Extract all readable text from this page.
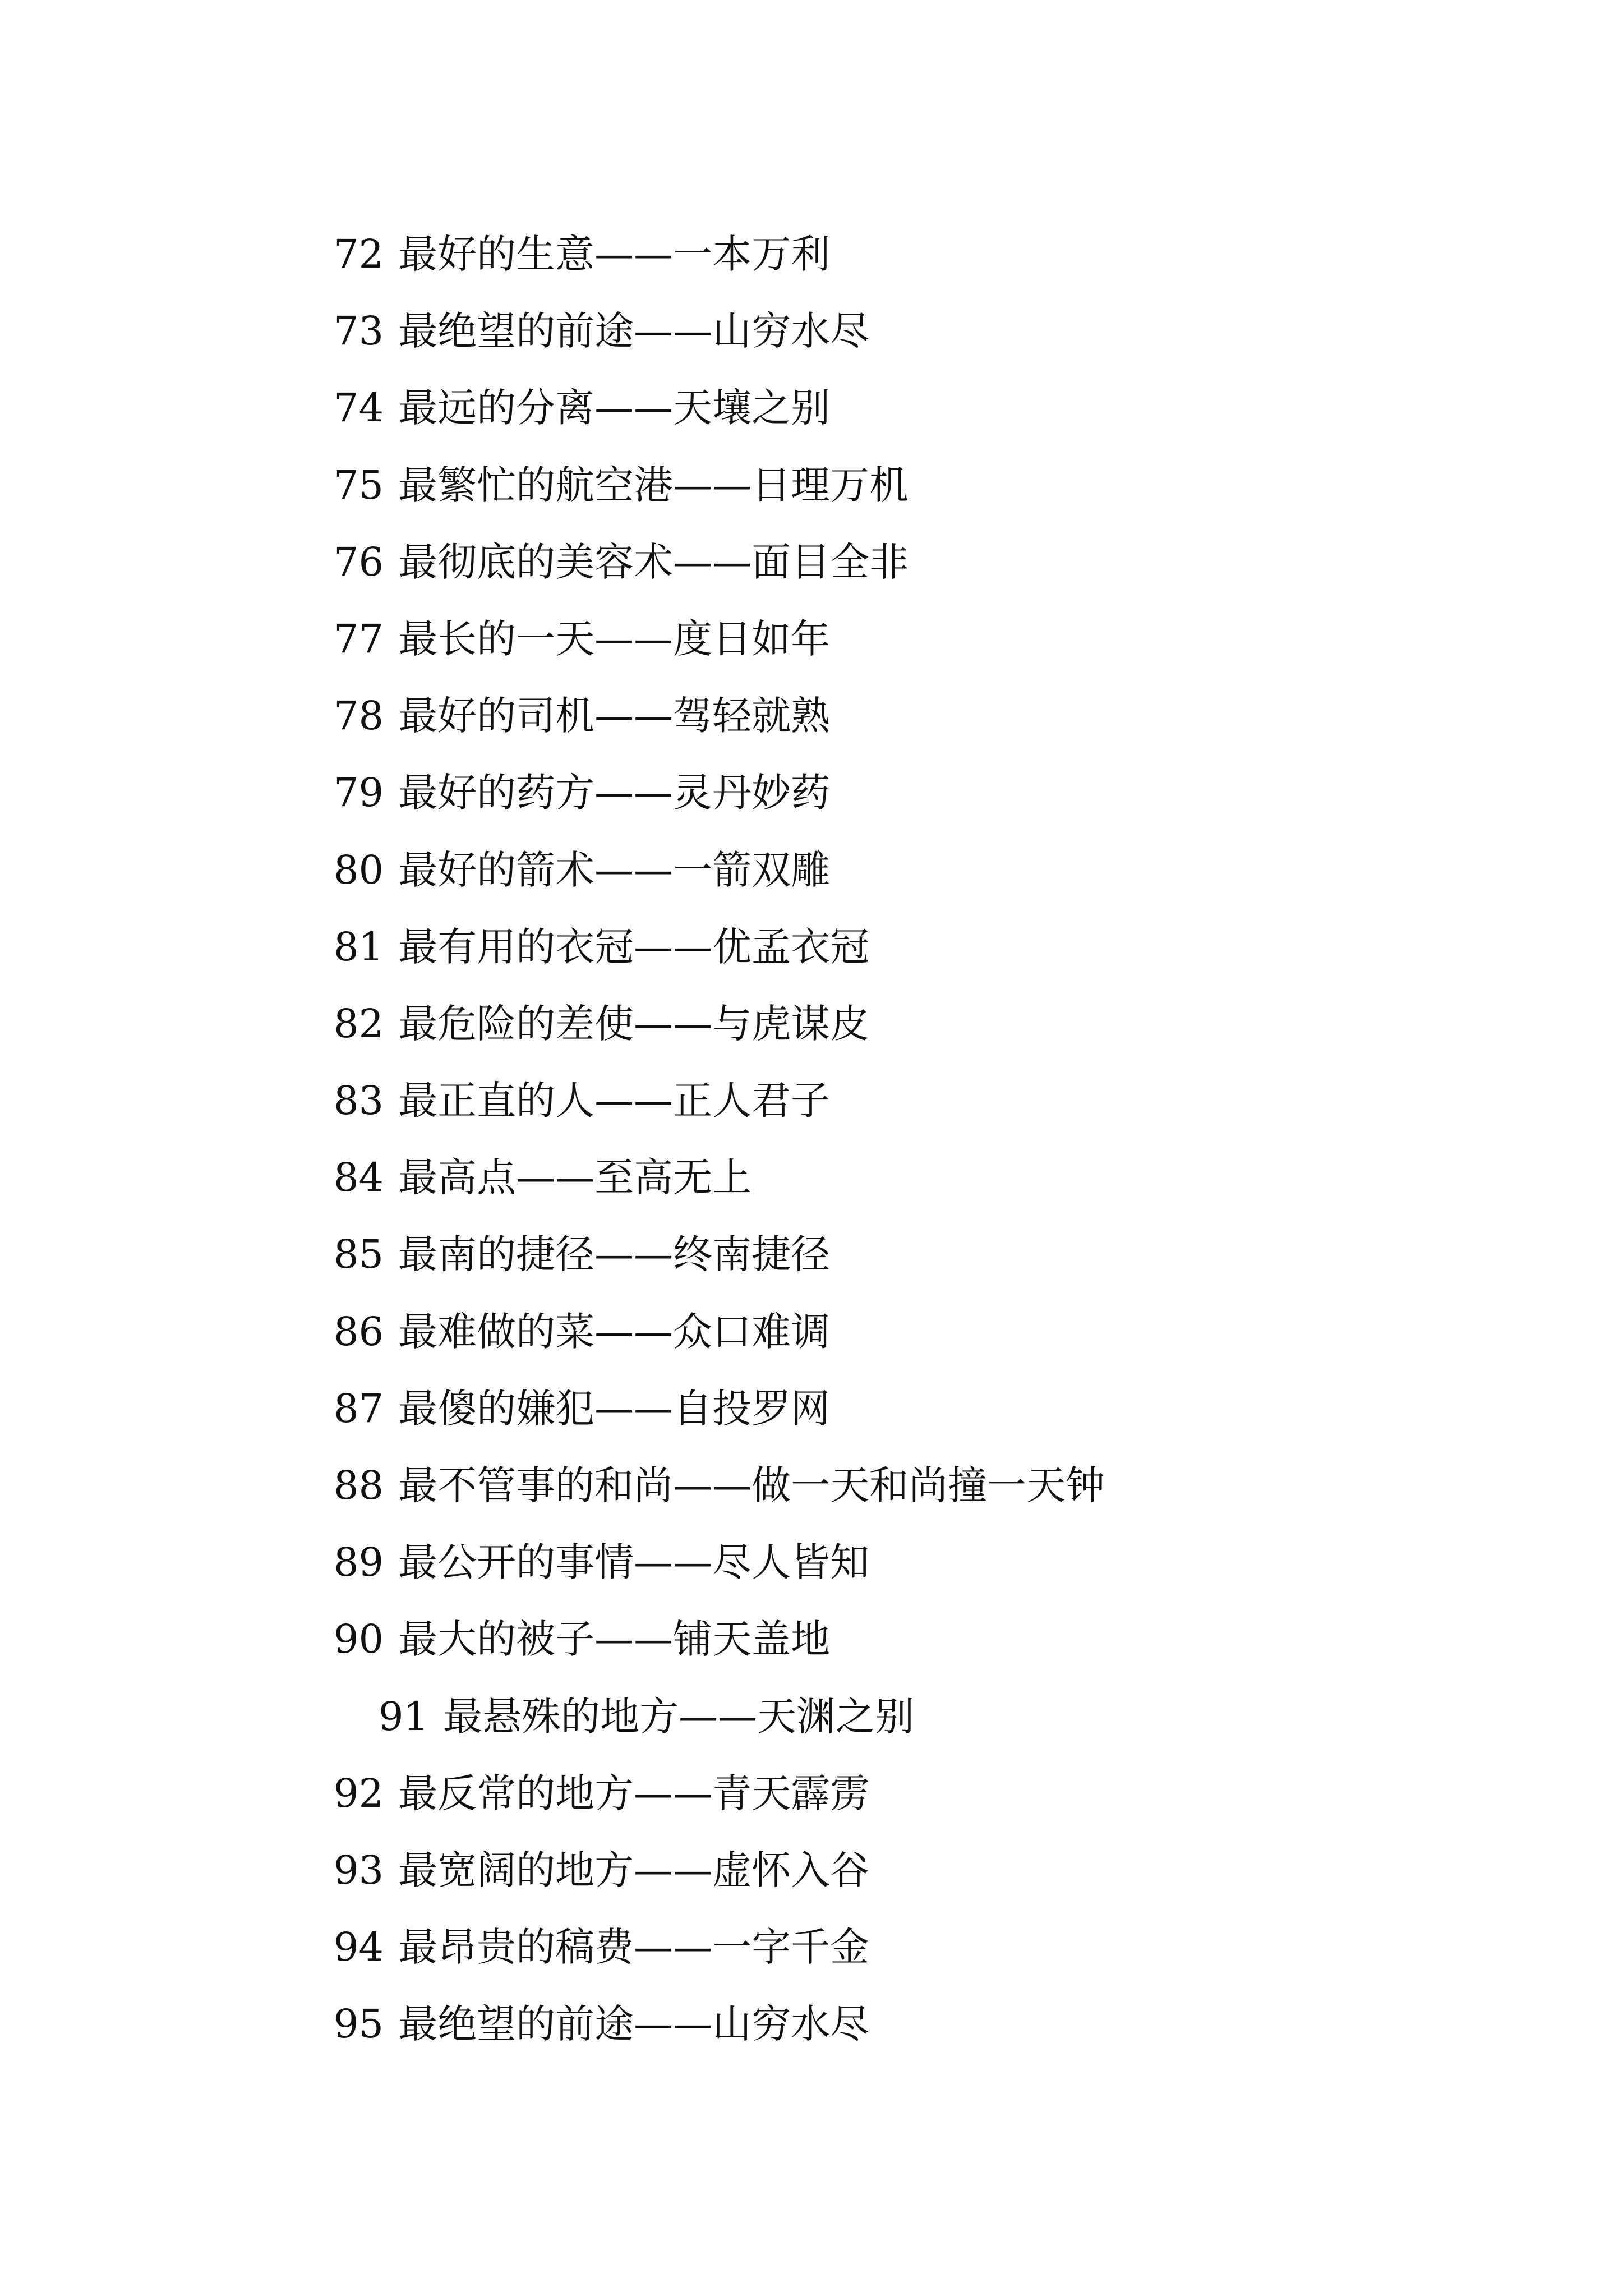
72 最好的生意——一本万利
73 最绝望的前途——山穷水尽
74 最远的分离——天壤之别
75 最繁忙的航空港——日理万机
76 最彻底的美容术——面目全非
77 最长的一天——度日如年
78 最好的司机——驾轻就熟
79 最好的药方——灵丹妙药
80 最好的箭术——一箭双雕
81 最有用的衣冠——优孟衣冠
82 最危险的差使——与虎谋皮
83 最正直的人——正人君子
84 最高点——至高无上
85 最南的捷径——终南捷径
86 最难做的菜——众口难调
87 最傻的嫌犯——自投罗网
88 最不管事的和尚——做一天和尚撞一天钟
89 最公开的事情——尽人皆知
90 最大的被子——铺天盖地
91 最悬殊的地方——天渊之别
92 最反常的地方——青天霹雳
93 最宽阔的地方——虚怀入谷
94 最昂贵的稿费——一字千金
95 最绝望的前途——山穷水尽
